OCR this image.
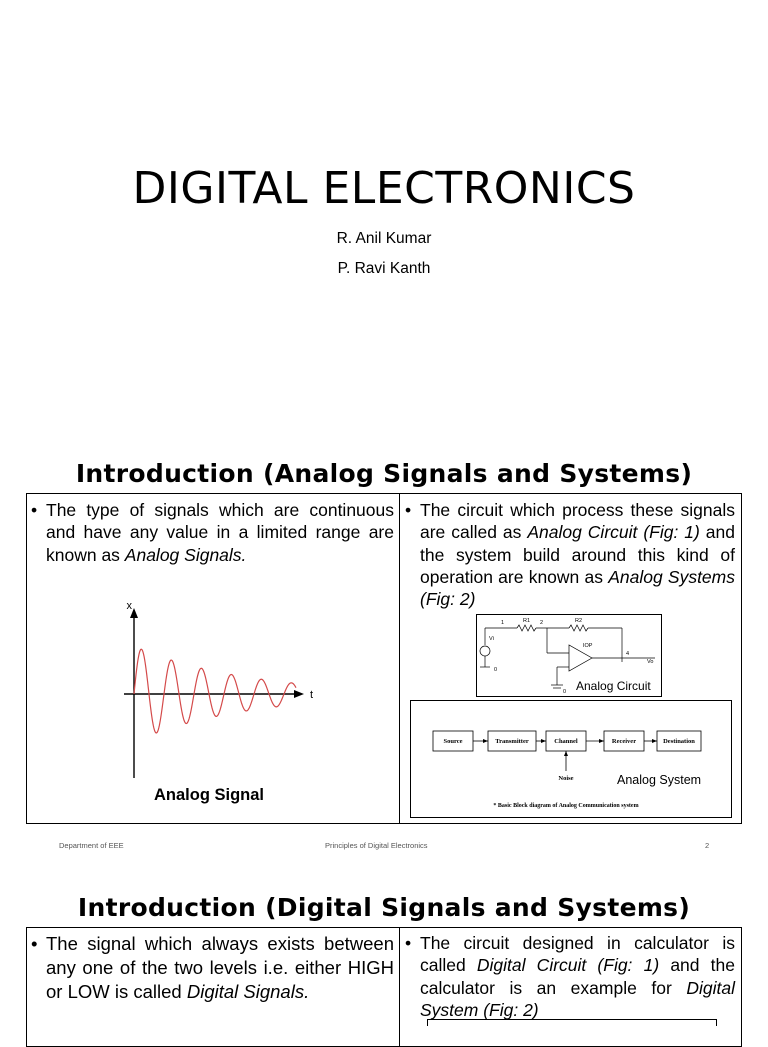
DIGITAL ELECTRONICS
R. Anil Kumar
P. Ravi Kanth
Introduction (Analog Signals and Systems)
• The type of signals which are continuous and have any value in a limited range are known as Analog Signals.
x
t
Analog Signal
• The circuit which process these signals are called as Analog Circuit (Fig: 1) and the system build around this kind of operation are known as Analog Systems (Fig: 2)
1	R1 2	R2
Vi
0
IOP
4
Vo
0 Analog Circuit
Source	Transmitter	Channel	Receiver	Destination
Noise
* Basic Block diagram of Analog Communication system
Analog System
Department of EEE	Principles of Digital Electronics	2
Introduction (Digital Signals and Systems)
• The signal which always exists between any one of the two levels i.e. either HIGH or LOW is called Digital Signals.
• The circuit designed in calculator is called Digital Circuit (Fig: 1) and the calculator is an example for Digital System (Fig: 2)
